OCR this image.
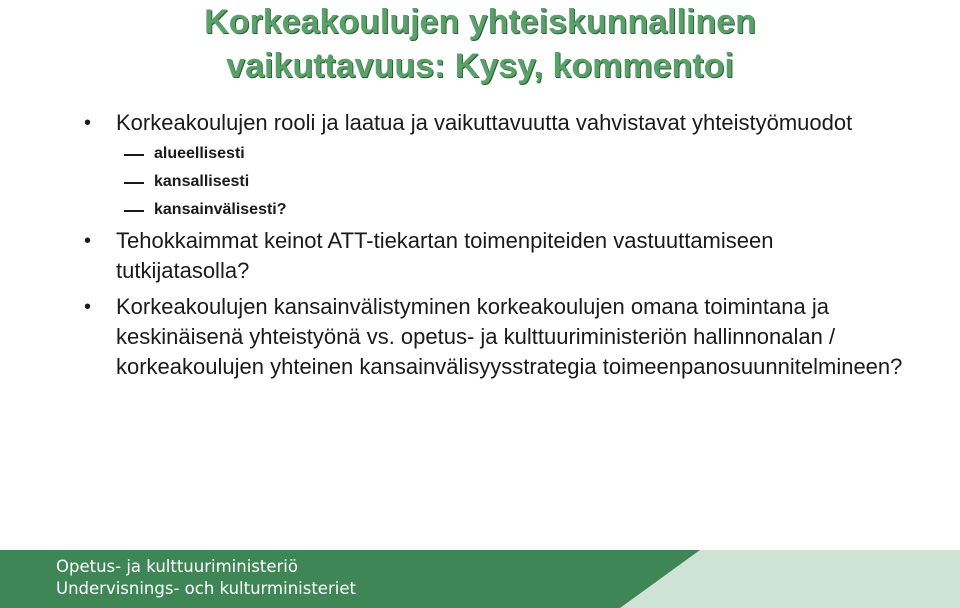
Korkeakoulujen yhteiskunnallinen
vaikuttavuus: Kysy, kommentoi
• Korkeakoulujen rooli ja laatua ja vaikuttavuutta vahvistavat yhteistyömuodot
alueellisesti
kansallisesti
kansainvälisesti?
• Tehokkaimmat keinot ATT-tiekartan toimenpiteiden vastuuttamiseen tutkijatasolla?
• Korkeakoulujen kansainvälistyminen korkeakoulujen omana toimintana ja keskinäisenä yhteistyönä vs. opetus- ja kulttuuriministeriön hallinnonalan / korkeakoulujen yhteinen kansainvälisyysstrategia toimeenpanosuunnitelmineen?
Opetus- ja kulttuuriministeriö
Undervisnings- och kulturministeriet
